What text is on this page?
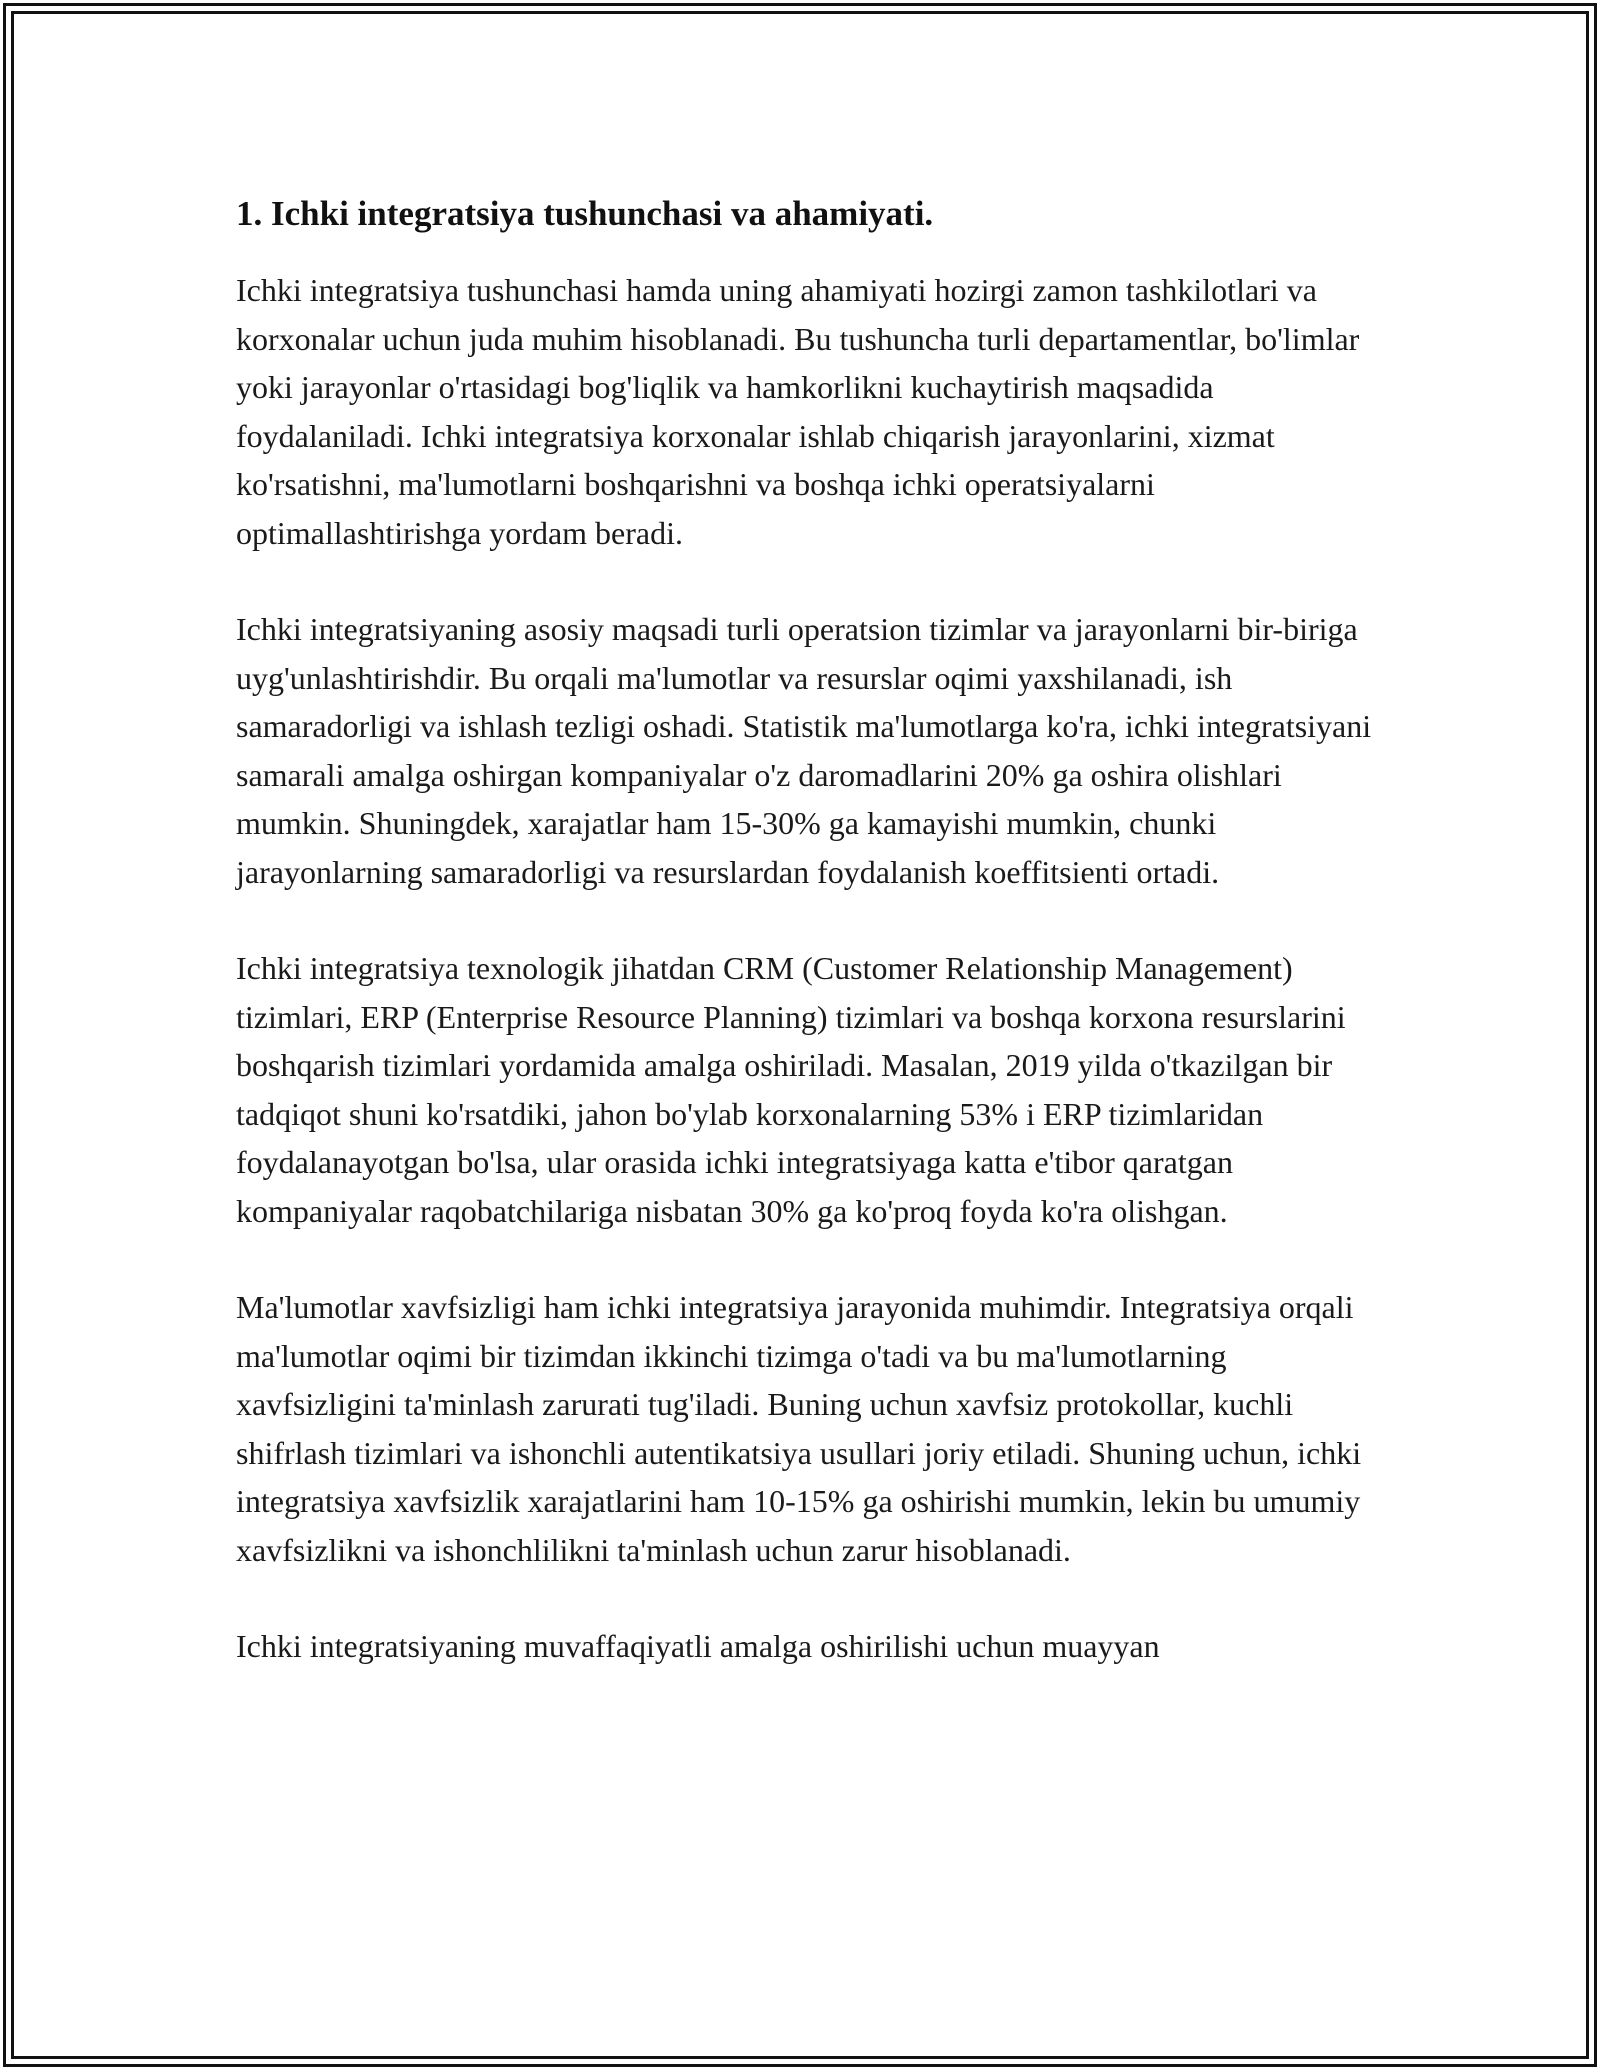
1. Ichki integratsiya tushunchasi va ahamiyati.

Ichki integratsiya tushunchasi hamda uning ahamiyati hozirgi zamon tashkilotlari va korxonalar uchun juda muhim hisoblanadi. Bu tushuncha turli departamentlar, bo'limlar yoki jarayonlar o'rtasidagi bog'liqlik va hamkorlikni kuchaytirish maqsadida foydalaniladi. Ichki integratsiya korxonalar ishlab chiqarish jarayonlarini, xizmat ko'rsatishni, ma'lumotlarni boshqarishni va boshqa ichki operatsiyalarni optimallashtirishga yordam beradi.

Ichki integratsiyaning asosiy maqsadi turli operatsion tizimlar va jarayonlarni bir-biriga uyg'unlashtirishdir. Bu orqali ma'lumotlar va resurslar oqimi yaxshilanadi, ish samaradorligi va ishlash tezligi oshadi. Statistik ma'lumotlarga ko'ra, ichki integratsiyani samarali amalga oshirgan kompaniyalar o'z daromadlarini 20% ga oshira olishlari mumkin. Shuningdek, xarajatlar ham 15-30% ga kamayishi mumkin, chunki jarayonlarning samaradorligi va resurslardan foydalanish koeffitsienti ortadi.

Ichki integratsiya texnologik jihatdan CRM (Customer Relationship Management) tizimlari, ERP (Enterprise Resource Planning) tizimlari va boshqa korxona resurslarini boshqarish tizimlari yordamida amalga oshiriladi. Masalan, 2019 yilda o'tkazilgan bir tadqiqot shuni ko'rsatdiki, jahon bo'ylab korxonalarning 53% i ERP tizimlaridan foydalanayotgan bo'lsa, ular orasida ichki integratsiyaga katta e'tibor qaratgan kompaniyalar raqobatchilariga nisbatan 30% ga ko'proq foyda ko'ra olishgan.

Ma'lumotlar xavfsizligi ham ichki integratsiya jarayonida muhimdir. Integratsiya orqali ma'lumotlar oqimi bir tizimdan ikkinchi tizimga o'tadi va bu ma'lumotlarning xavfsizligini ta'minlash zarurati tug'iladi. Buning uchun xavfsiz protokollar, kuchli shifrlash tizimlari va ishonchli autentikatsiya usullari joriy etiladi. Shuning uchun, ichki integratsiya xavfsizlik xarajatlarini ham 10-15% ga oshirishi mumkin, lekin bu umumiy xavfsizlikni va ishonchlilikni ta'minlash uchun zarur hisoblanadi.

Ichki integratsiyaning muvaffaqiyatli amalga oshirilishi uchun muayyan
